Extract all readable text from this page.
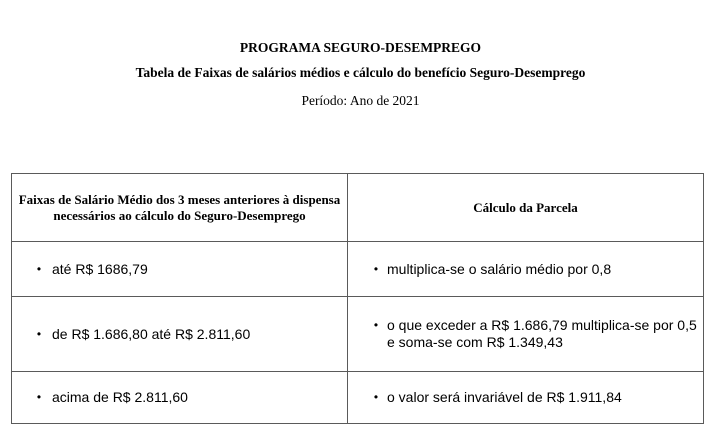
PROGRAMA SEGURO-DESEMPREGO
Tabela de Faixas de salários médios e cálculo do benefício Seguro-Desemprego
Período: Ano de 2021
Faixas de Salário Médio dos 3 meses anteriores à dispensa necessários ao cálculo do Seguro-Desemprego	Cálculo da Parcela

• até R$ 1686,79	• multiplica-se o salário médio por 0,8

• de R$ 1.686,80 até R$ 2.811,60	• o que exceder a R$ 1.686,79 multiplica-se por 0,5 e soma-se com R$ 1.349,43

• acima de R$ 2.811,60	• o valor será invariável de R$ 1.911,84
